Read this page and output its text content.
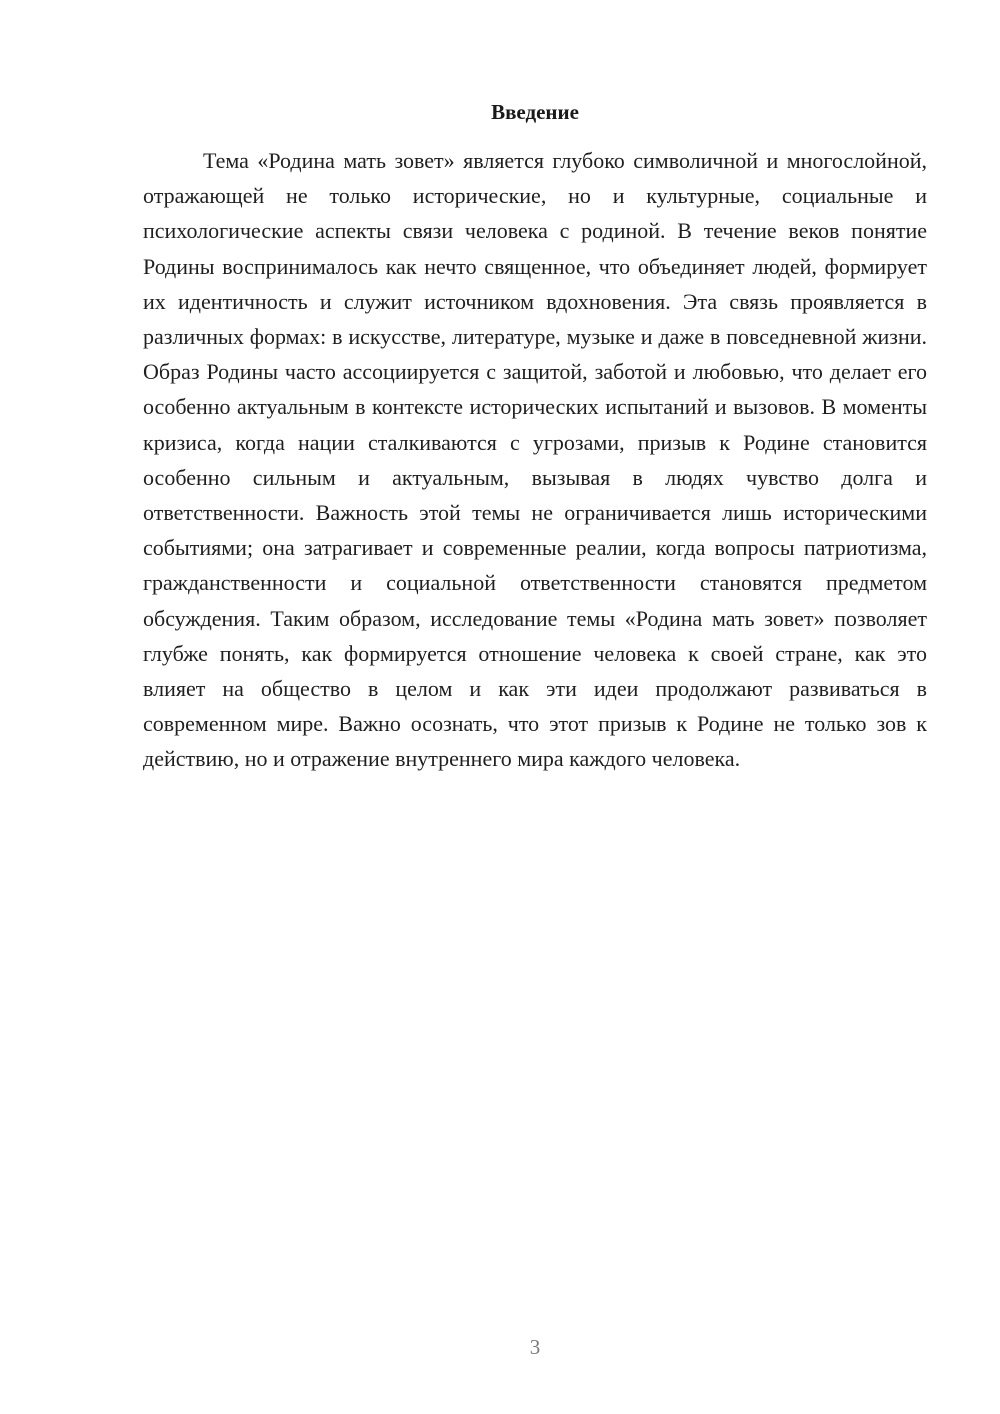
Введение

Тема «Родина мать зовет» является глубоко символичной и многослойной, отражающей не только исторические, но и культурные, социальные и психологические аспекты связи человека с родиной. В течение веков понятие Родины воспринималось как нечто священное, что объединяет людей, формирует их идентичность и служит источником вдохновения. Эта связь проявляется в различных формах: в искусстве, литературе, музыке и даже в повседневной жизни. Образ Родины часто ассоциируется с защитой, заботой и любовью, что делает его особенно актуальным в контексте исторических испытаний и вызовов. В моменты кризиса, когда нации сталкиваются с угрозами, призыв к Родине становится особенно сильным и актуальным, вызывая в людях чувство долга и ответственности. Важность этой темы не ограничивается лишь историческими событиями; она затрагивает и современные реалии, когда вопросы патриотизма, гражданственности и социальной ответственности становятся предметом обсуждения. Таким образом, исследование темы «Родина мать зовет» позволяет глубже понять, как формируется отношение человека к своей стране, как это влияет на общество в целом и как эти идеи продолжают развиваться в современном мире. Важно осознать, что этот призыв к Родине не только зов к действию, но и отражение внутреннего мира каждого человека.

3
